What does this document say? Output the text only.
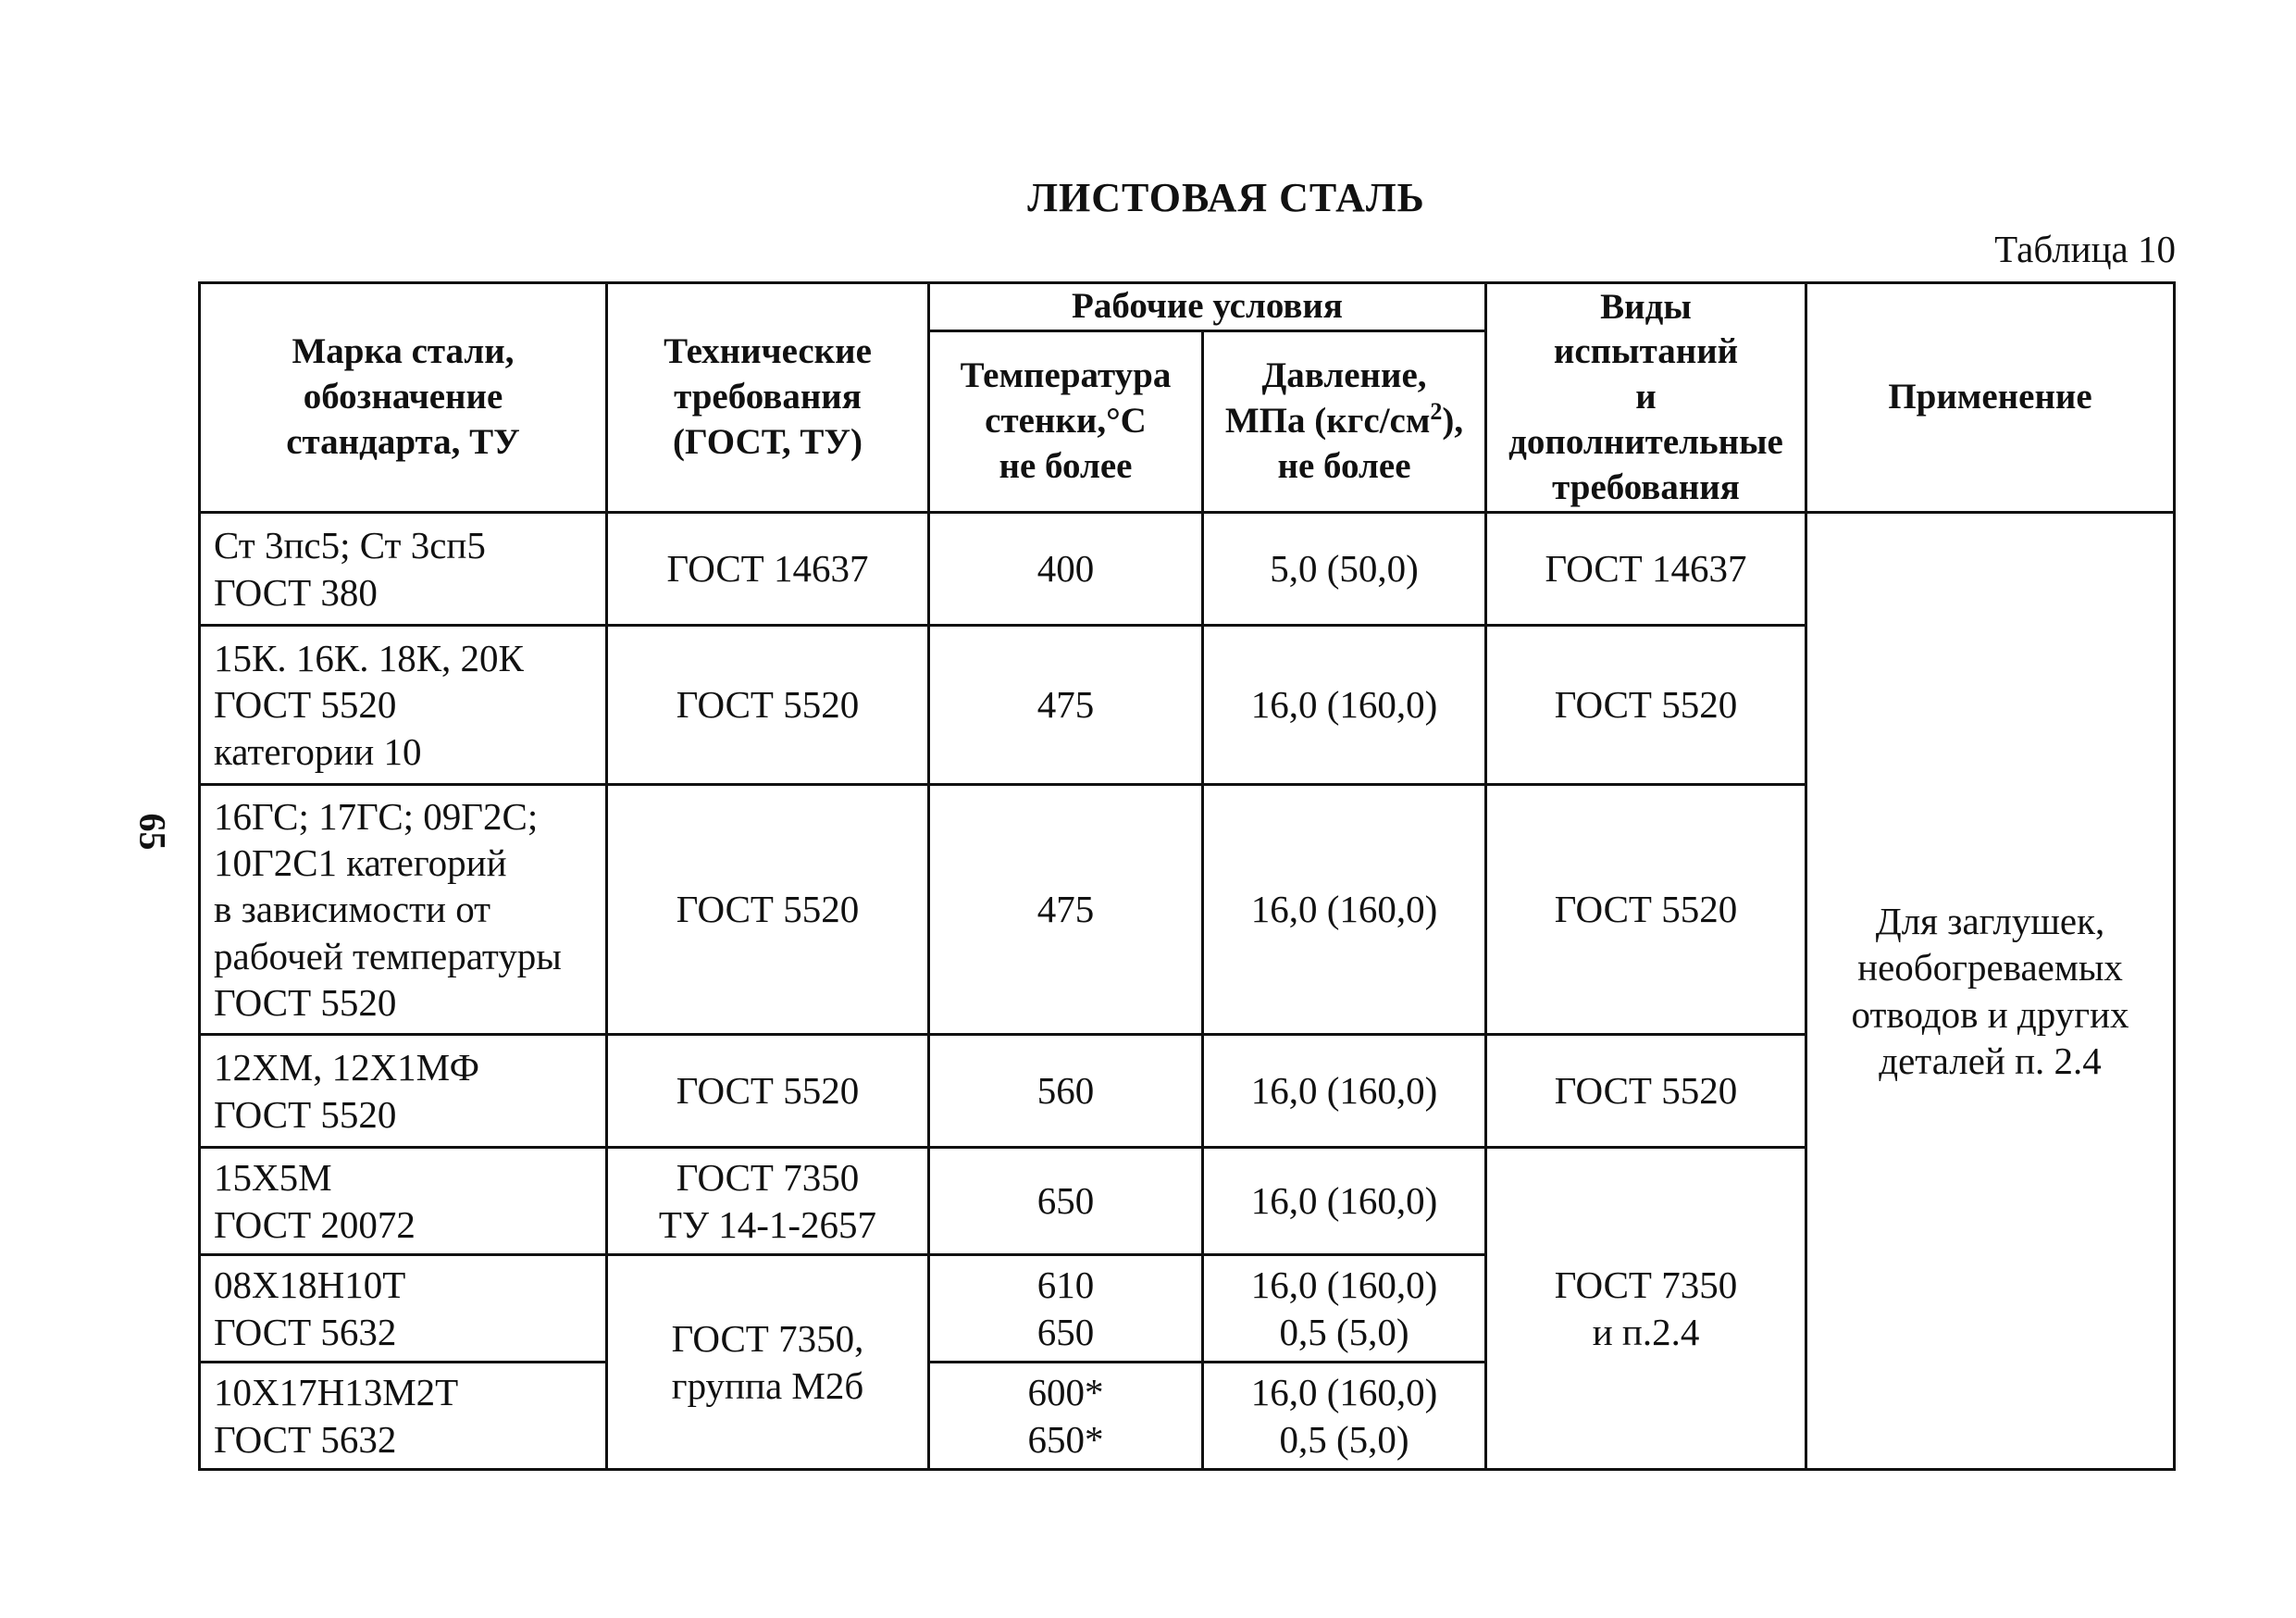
ЛИСТОВАЯ СТАЛЬ
Таблица 10
65
Марка стали,
обозначение
стандарта, ТУ	Технические
требования
(ГОСТ, ТУ)	Рабочие условия		Виды
испытаний
и
дополнительные
требования	Применение

		Температура
стенки,°С
не более	Давление,
МПа $(кгс/см^2)$,
не более		

Ст 3пс5; Ст 3сп5
ГОСТ 380	ГОСТ 14637	400	5,0 (50,0)	ГОСТ 14637	Для заглушек,
необогреваемых
отводов и других
деталей п. 2.4

15К. 16К. 18К, 20К
ГОСТ 5520
категории 10	ГОСТ 5520	475	16,0 (160,0)	ГОСТ 5520	

16ГС; 17ГС; 09Г2С;
10Г2С1 категорий
в зависимости от
рабочей температуры
ГОСТ 5520	ГОСТ 5520	475	16,0 (160,0)	ГОСТ 5520	

12ХМ, 12Х1МФ
ГОСТ 5520	ГОСТ 5520	560	16,0 (160,0)	ГОСТ 5520	

15Х5М
ГОСТ 20072	ГОСТ 7350
ТУ 14-1-2657	650	16,0 (160,0)	ГОСТ 7350
и п.2.4	

08Х18Н10Т
ГОСТ 5632	ГОСТ 7350,
группа М2б	610
650	16,0 (160,0)
0,5 (5,0)		

10Х17Н13М2Т
ГОСТ 5632		600*
650*	16,0 (160,0)
0,5 (5,0)		
